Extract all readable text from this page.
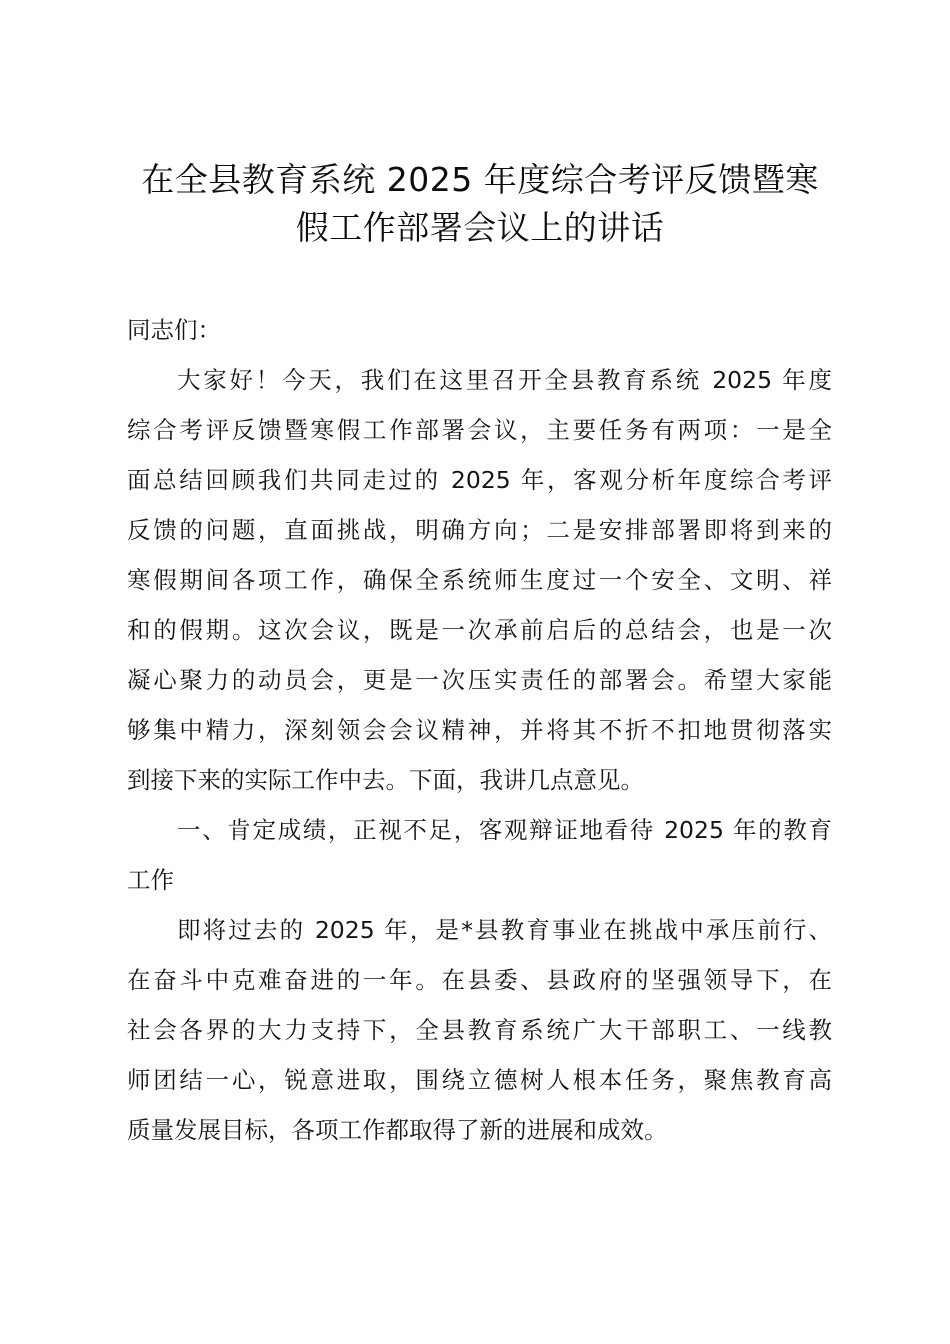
在全县教育系统 2025 年度综合考评反馈暨寒
假工作部署会议上的讲话
同志们：
大家好！今天，我们在这里召开全县教育系统 2025 年度
综合考评反馈暨寒假工作部署会议，主要任务有两项：一是全
面总结回顾我们共同走过的 2025 年，客观分析年度综合考评
反馈的问题，直面挑战，明确方向；二是安排部署即将到来的
寒假期间各项工作，确保全系统师生度过一个安全、文明、祥
和的假期。这次会议，既是一次承前启后的总结会，也是一次
凝心聚力的动员会，更是一次压实责任的部署会。希望大家能
够集中精力，深刻领会会议精神，并将其不折不扣地贯彻落实
到接下来的实际工作中去。下面，我讲几点意见。
一、肯定成绩，正视不足，客观辩证地看待 2025 年的教育
工作
即将过去的 2025 年，是*县教育事业在挑战中承压前行、
在奋斗中克难奋进的一年。在县委、县政府的坚强领导下，在
社会各界的大力支持下，全县教育系统广大干部职工、一线教
师团结一心，锐意进取，围绕立德树人根本任务，聚焦教育高
质量发展目标，各项工作都取得了新的进展和成效。
